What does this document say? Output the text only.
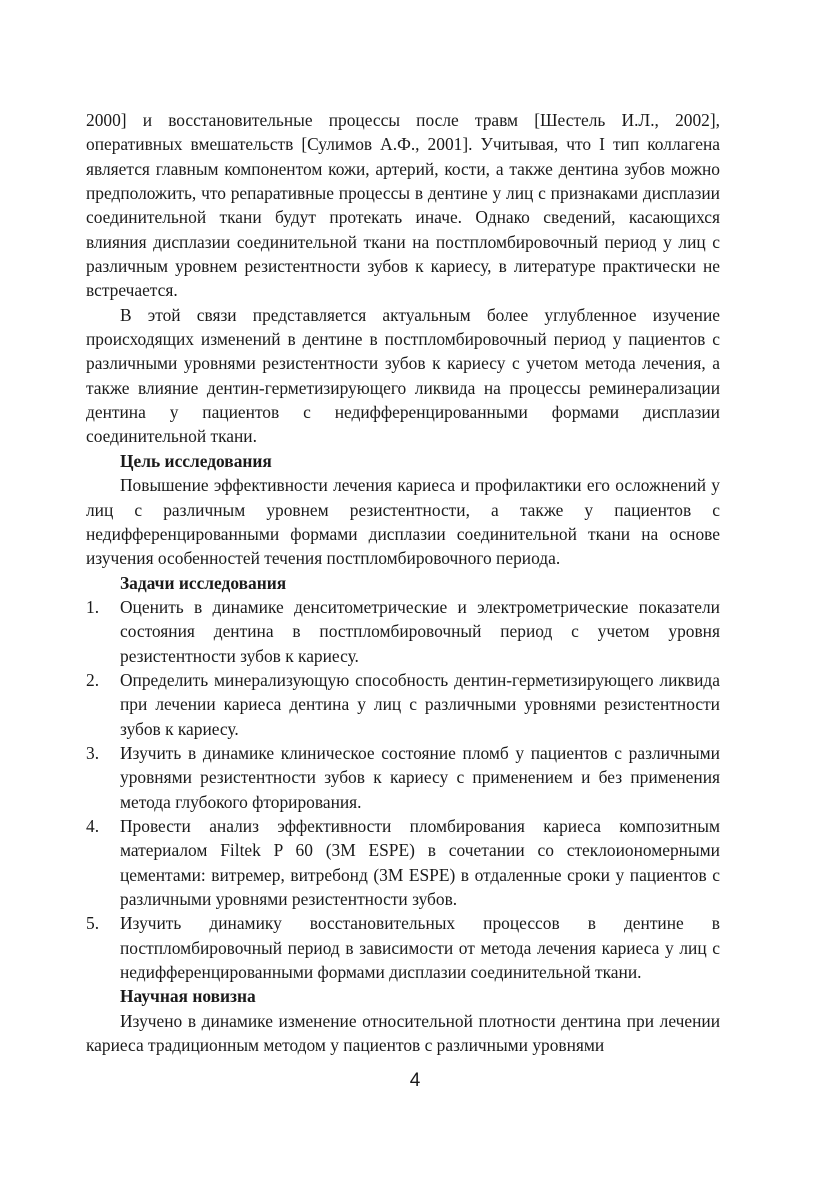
2000] и восстановительные процессы после травм [Шестель И.Л., 2002], оперативных вмешательств [Сулимов А.Ф., 2001]. Учитывая, что I тип коллагена является главным компонентом кожи, артерий, кости, а также дентина зубов можно предположить, что репаративные процессы в дентине у лиц с признаками дисплазии соединительной ткани будут протекать иначе. Однако сведений, касающихся влияния дисплазии соединительной ткани на постпломбировочный период у лиц с различным уровнем резистентности зубов к кариесу, в литературе практически не встречается.

В этой связи представляется актуальным более углубленное изучение происходящих изменений в дентине в постпломбировочный период у пациентов с различными уровнями резистентности зубов к кариесу с учетом метода лечения, а также влияние дентин-герметизирующего ликвида на процессы реминерализации дентина у пациентов с недифференцированными формами дисплазии соединительной ткани.

Цель исследования

Повышение эффективности лечения кариеса и профилактики его осложнений у лиц с различным уровнем резистентности, а также у пациентов с недифференцированными формами дисплазии соединительной ткани на основе изучения особенностей течения постпломбировочного периода.

Задачи исследования

1. Оценить в динамике денситометрические и электрометрические показатели состояния дентина в постпломбировочный период с учетом уровня резистентности зубов к кариесу.
2. Определить минерализующую способность дентин-герметизирующего ликвида при лечении кариеса дентина у лиц с различными уровнями резистентности зубов к кариесу.
3. Изучить в динамике клиническое состояние пломб у пациентов с различными уровнями резистентности зубов к кариесу с применением и без применения метода глубокого фторирования.
4. Провести анализ эффективности пломбирования кариеса композитным материалом Filtek P 60 (3M ESPE) в сочетании со стеклоиономерными цементами: витремер, витребонд (3M ESPE) в отдаленные сроки у пациентов с различными уровнями резистентности зубов.
5. Изучить динамику восстановительных процессов в дентине в постпломбировочный период в зависимости от метода лечения кариеса у лиц с недифференцированными формами дисплазии соединительной ткани.

Научная новизна

Изучено в динамике изменение относительной плотности дентина при лечении кариеса традиционным методом у пациентов с различными уровнями

4
